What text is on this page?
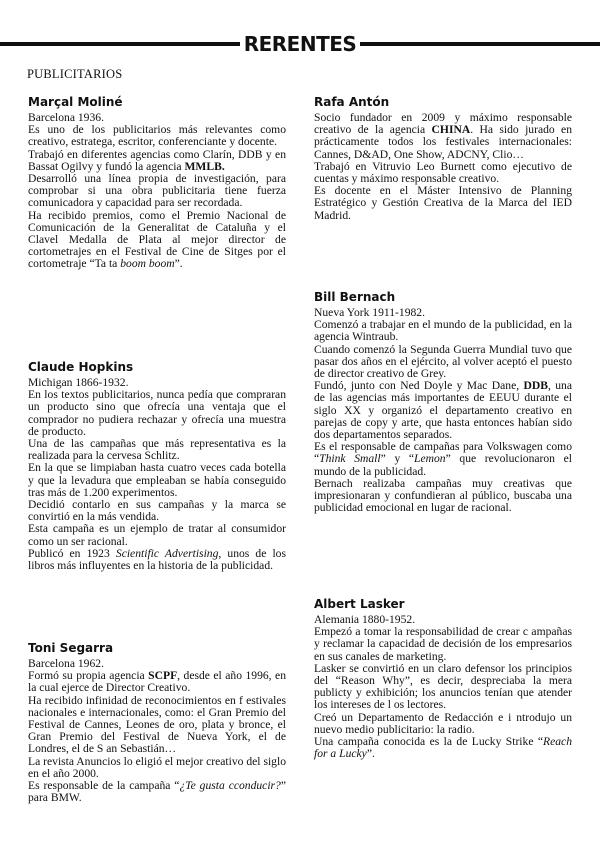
RERENTES
PUBLICITARIOS
Marçal Moliné

Barcelona 1936.

Es uno de los publicitarios más relevantes como creativo, estratega, escritor, conferenciante y docente.

Trabajó en diferentes agencias como Clarín, DDB y en Bassat Ogilvy y fundó la agencia MMLB.

Desarrolló una línea propia de investigación, para comprobar si una obra publicitaria tiene fuerza comunicadora y capacidad para ser recordada.

Ha recibido premios, como el Premio Nacional de Comunicación de la Generalitat de Cataluña y el Clavel Medalla de Plata al mejor director de cortometrajes en el Festival de Cine de Sitges por el cortometraje “Ta ta boom boom”.

Claude Hopkins

Michigan 1866-1932.

En los textos publicitarios, nunca pedía que compraran un producto sino que ofrecía una ventaja que el comprador no pudiera rechazar y ofrecía una muestra de producto.

Una de las campañas que más representativa es la realizada para la cervesa Schlitz.

En la que se limpiaban hasta cuatro veces cada botella y que la levadura que empleaban se había conseguido tras más de 1.200 experimentos.

Decidió contarlo en sus campañas y la marca se convirtió en la más vendida.

Esta campaña es un ejemplo de tratar al consumidor como un ser racional.

Publicó en 1923 Scientific Advertising, unos de los libros más influyentes en la historia de la publicidad.

Toni Segarra

Barcelona 1962.

Formó su propia agencia SCPF, desde el año 1996, en la cual ejerce de Director Creativo.

Ha recibido infinidad de reconocimientos en f estivales nacionales e internacionales, como: el Gran Premio del Festival de Cannes, Leones de oro, plata y bronce, el Gran Premio del Festival de Nueva York, el de Londres, el de S an Sebastián…

La revista Anuncios lo eligió el mejor creativo del siglo en el año 2000.

Es responsable de la campaña “¿Te gusta cconducir?” para BMW.

Rafa Antón

Socio fundador en 2009 y máximo responsable creativo de la agencia CHINA. Ha sido jurado en prácticamente todos los festivales internacionales: Cannes, D&AD, One Show, ADCNY, Clio…

Trabajó en Vitruvio Leo Burnett como ejecutivo de cuentas y máximo responsable creativo.

Es docente en el Máster Intensivo de Planning Estratégico y Gestión Creativa de la Marca del IED Madrid.

Bill Bernach

Nueva York 1911-1982.

Comenzó a trabajar en el mundo de la publicidad, en la agencia Wintraub.

Cuando comenzó la Segunda Guerra Mundial tuvo que pasar dos años en el ejército, al volver aceptó el puesto de director creativo de Grey.

Fundó, junto con Ned Doyle y Mac Dane, DDB, una de las agencias más importantes de EEUU durante el siglo XX y organizó el departamento creativo en parejas de copy y arte, que hasta entonces habían sido dos departamentos separados.

Es el responsable de campañas para Volkswagen como “Think Small” y “Lemon” que revolucionaron el mundo de la publicidad.

Bernach realizaba campañas muy creativas que impresionaran y confundieran al público, buscaba una publicidad emocional en lugar de racional.

Albert Lasker

Alemania 1880-1952.

Empezó a tomar la responsabilidad de crear c ampañas y reclamar la capacidad de decisión de los empresarios en sus canales de marketing.

Lasker se convirtió en un claro defensor los principios del “Reason Why”, es decir, despreciaba la mera publicty y exhibición; los anuncios tenían que atender los intereses de l os lectores.

Creó un Departamento de Redacción e i ntrodujo un nuevo medio publicitario: la radio.

Una campaña conocida es la de Lucky Strike “Reach for a Lucky”.
